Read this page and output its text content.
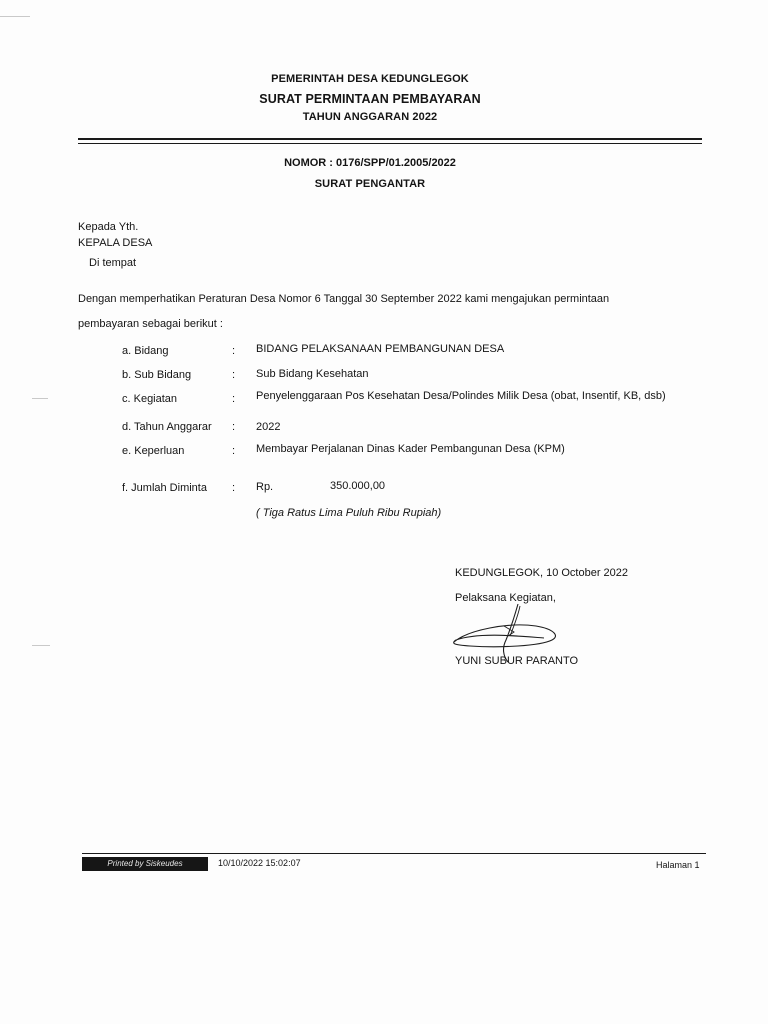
PEMERINTAH DESA KEDUNGLEGOK
SURAT PERMINTAAN PEMBAYARAN
TAHUN ANGGARAN 2022
NOMOR : 0176/SPP/01.2005/2022
SURAT PENGANTAR
Kepada Yth.
KEPALA DESA
Di tempat
Dengan memperhatikan Peraturan Desa Nomor 6 Tanggal 30 September 2022 kami mengajukan permintaan
pembayaran sebagai berikut :
a. Bidang	: BIDANG PELAKSANAAN PEMBANGUNAN DESA
b. Sub Bidang	: Sub Bidang Kesehatan
c. Kegiatan	: Penyelenggaraan Pos Kesehatan Desa/Polindes Milik Desa (obat, Insentif, KB, dsb)
d. Tahun Anggarar : 2022
e. Keperluan	: Membayar Perjalanan Dinas Kader Pembangunan Desa (KPM)
f. Jumlah Diminta : Rp.	350.000,00
( Tiga Ratus Lima Puluh Ribu Rupiah)
KEDUNGLEGOK, 10 October 2022
Pelaksana Kegiatan,
YUNI SUBUR PARANTO
Printed by Siskeudes	10/10/2022 15:02:07	Halaman 1
